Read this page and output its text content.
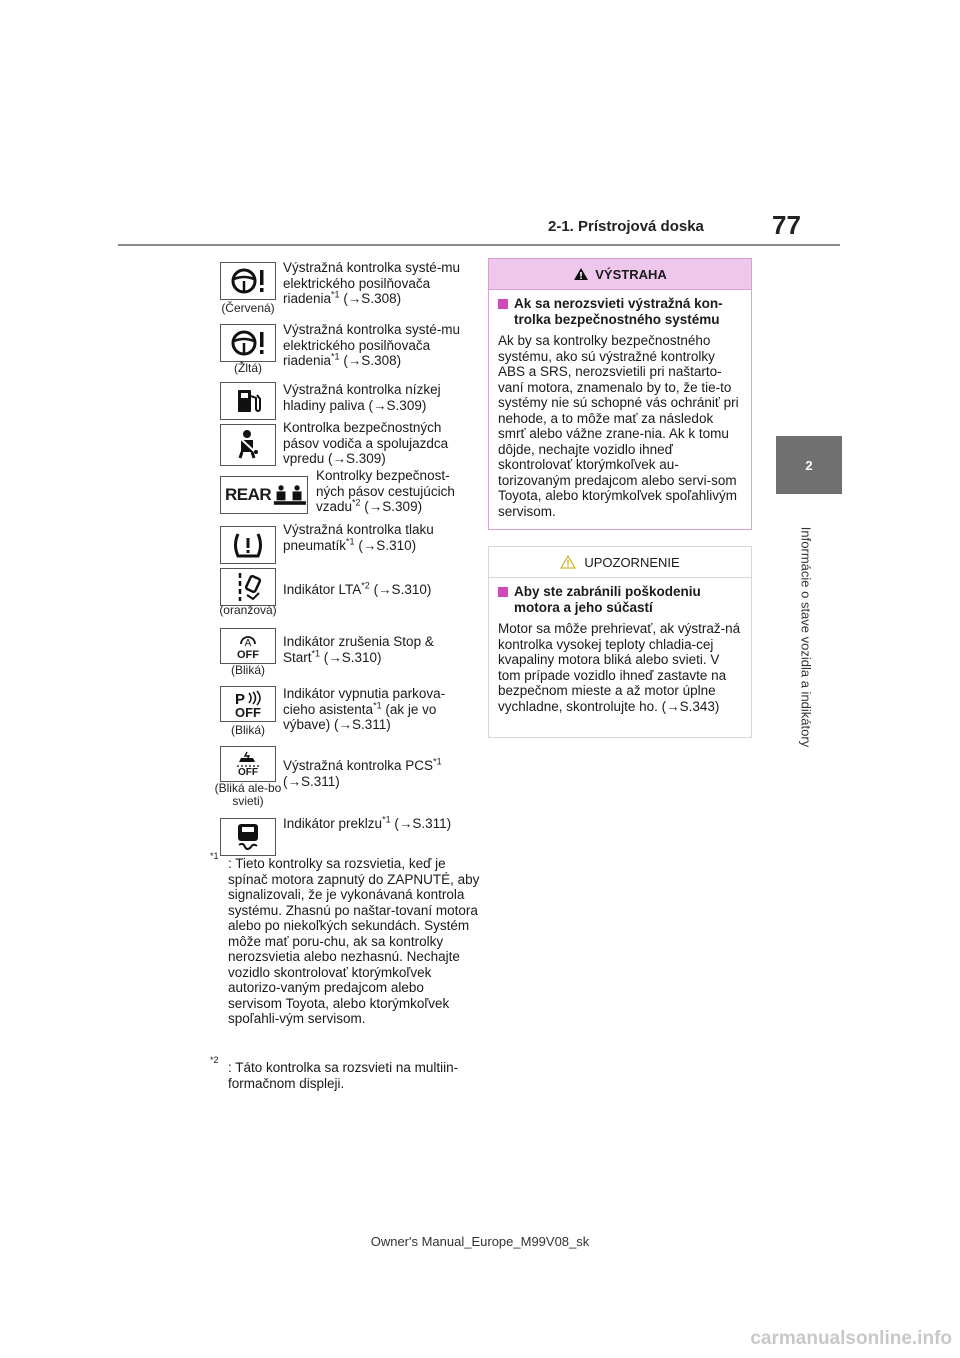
2-1. Prístrojová doska	77
2
Informácie o stave vozidla a indikátory
(Červená)
Výstražná kontrolka systé-mu elektrického posilňovača riadenia$^{*1}$ (→S.308)
(Žltá)
Výstražná kontrolka systé-mu elektrického posilňovača riadenia$^{*1}$ (→S.308)
Výstražná kontrolka nízkej hladiny paliva (→S.309)
Kontrolka bezpečnostných pásov vodiča a spolujazdca vpredu (→S.309)
REAR
Kontrolky bezpečnost-ných pásov cestujúcich vzadu$^{*2}$ (→S.309)
Výstražná kontrolka tlaku pneumatík$^{*1}$ (→S.310)
(oranžová)
Indikátor LTA$^{*2}$ (→S.310)
A
OFF
(Bliká)
Indikátor zrušenia Stop & Start$^{*1}$ (→S.310)
P
OFF
(Bliká)
Indikátor vypnutia parkova-cieho asistenta$^{*1}$ (ak je vo výbave) (→S.311)
OFF
(Bliká ale-bo svieti)
Výstražná kontrolka PCS$^{*1}$ (→S.311)
Indikátor preklzu$^{*1}$ (→S.311)
*1 : Tieto kontrolky sa rozsvietia, keď je spínač motora zapnutý do ZAPNUTÉ, aby signalizovali, že je vykonávaná kontrola systému. Zhasnú po naštar-tovaní motora alebo po niekoľkých sekundách. Systém môže mať poru-chu, ak sa kontrolky nerozsvietia alebo nezhasnú. Nechajte vozidlo skontrolovať ktorýmkoľvek autorizo-vaným predajcom alebo servisom Toyota, alebo ktorýmkoľvek spoľahli-vým servisom.
*2 : Táto kontrolka sa rozsvieti na multiin-formačnom displeji.
VÝSTRAHA
Ak sa nerozsvieti výstražná kon-trolka bezpečnostného systému
Ak by sa kontrolky bezpečnostného systému, ako sú výstražné kontrolky ABS a SRS, nerozsvietili pri naštarto-vaní motora, znamenalo by to, že tie-to systémy nie sú schopné vás ochrániť pri nehode, a to môže mať za následok smrť alebo vážne zrane-nia. Ak k tomu dôjde, nechajte vozidlo ihneď skontrolovať ktorýmkoľvek au-torizovaným predajcom alebo servi-som Toyota, alebo ktorýmkoľvek spoľahlivým servisom.
UPOZORNENIE
Aby ste zabránili poškodeniu motora a jeho súčastí
Motor sa môže prehrievať, ak výstraž-ná kontrolka vysokej teploty chladia-cej kvapaliny motora bliká alebo svieti. V tom prípade vozidlo ihneď zastavte na bezpečnom mieste a až motor úplne vychladne, skontrolujte ho. (→S.343)
Owner's Manual_Europe_M99V08_sk
carmanualsonline.info
